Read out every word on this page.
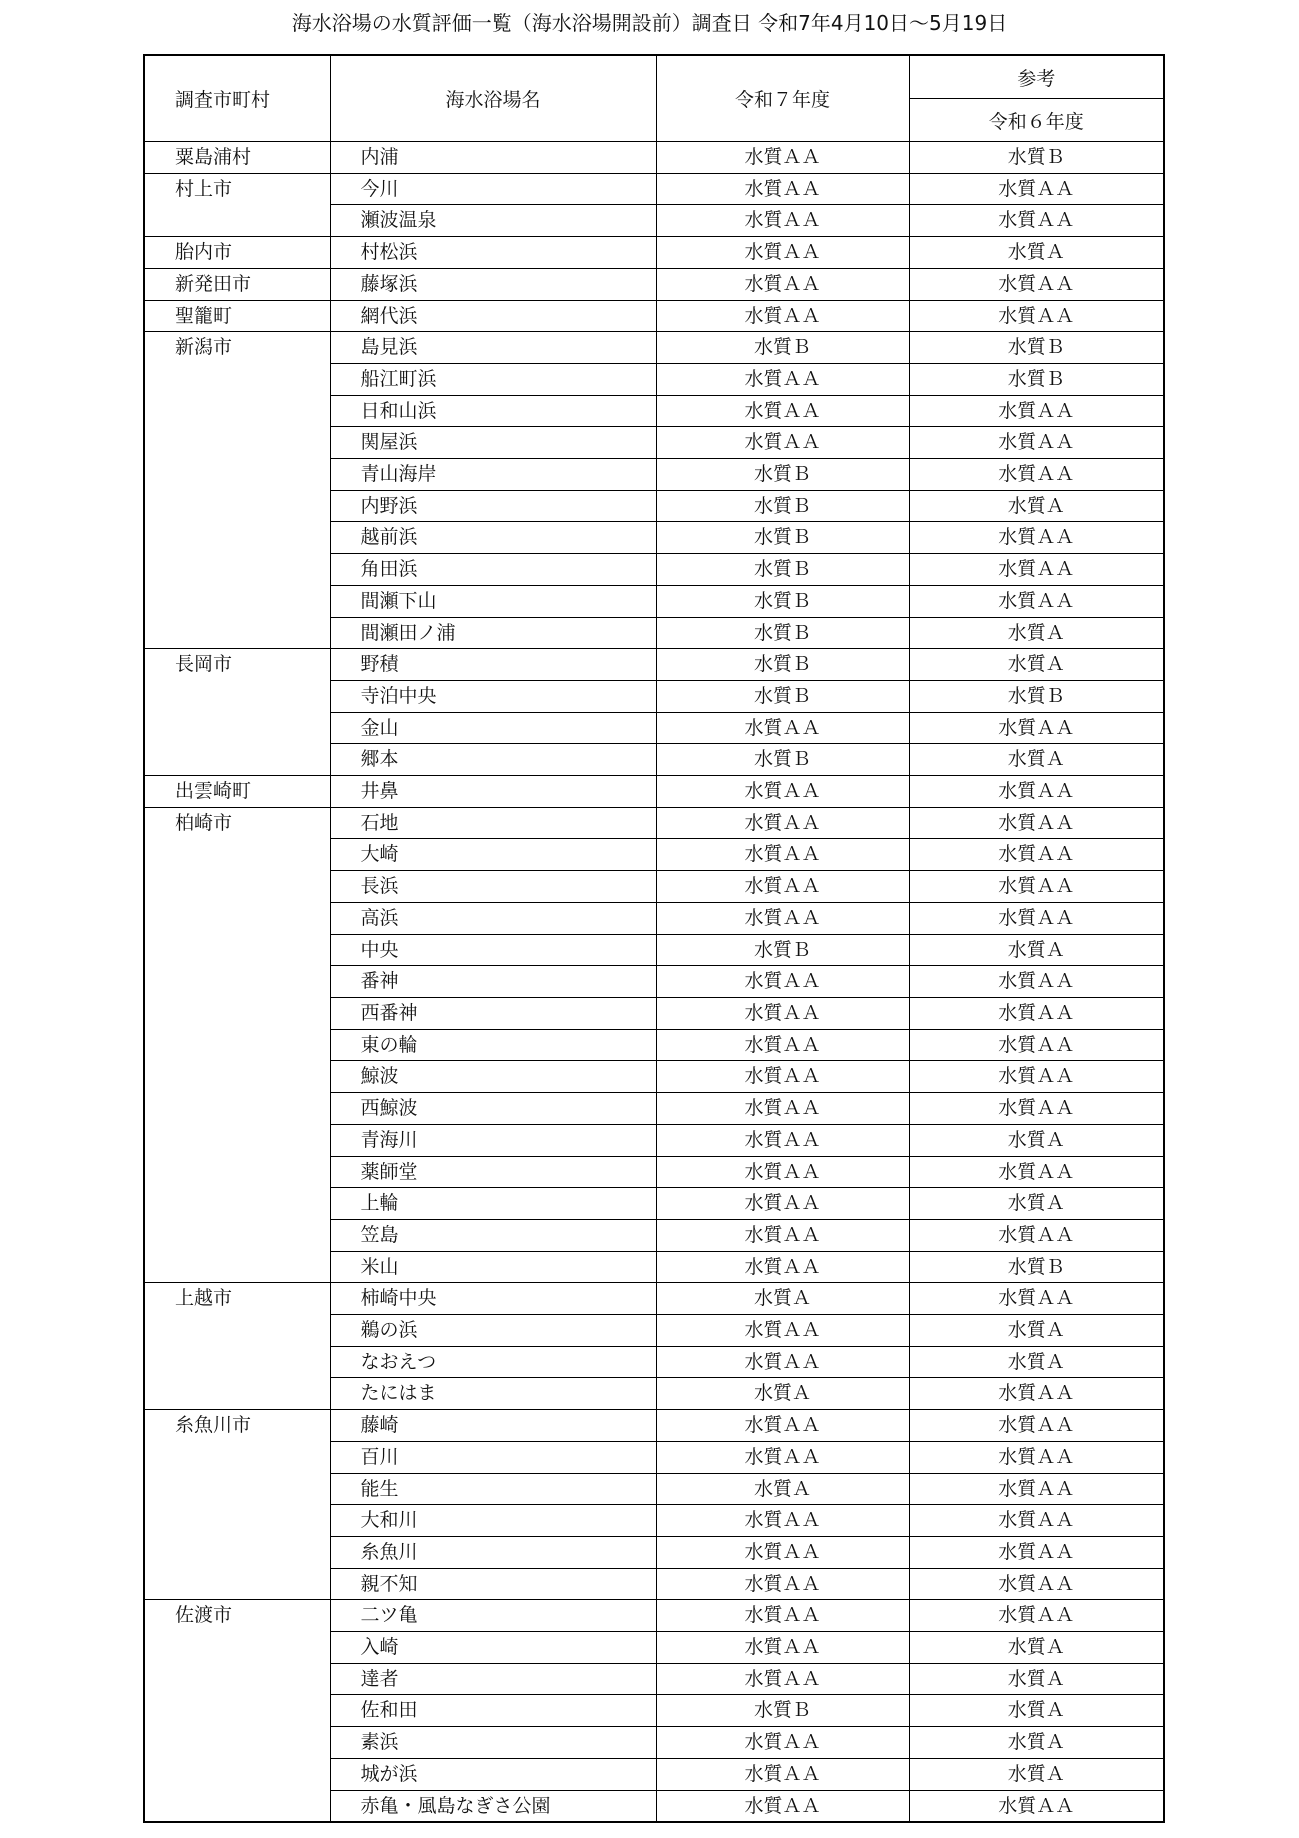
海水浴場の水質評価一覧（海水浴場開設前）調査日 令和7年4月10日～5月19日
調査市町村	海水浴場名	令和７年度	参考
			令和６年度
粟島浦村	内浦	水質ＡＡ	水質Ｂ
村上市	今川	水質ＡＡ	水質ＡＡ
	瀬波温泉	水質ＡＡ	水質ＡＡ
胎内市	村松浜	水質ＡＡ	水質Ａ
新発田市	藤塚浜	水質ＡＡ	水質ＡＡ
聖籠町	網代浜	水質ＡＡ	水質ＡＡ
新潟市	島見浜	水質Ｂ	水質Ｂ
	船江町浜	水質ＡＡ	水質Ｂ
	日和山浜	水質ＡＡ	水質ＡＡ
	関屋浜	水質ＡＡ	水質ＡＡ
	青山海岸	水質Ｂ	水質ＡＡ
	内野浜	水質Ｂ	水質Ａ
	越前浜	水質Ｂ	水質ＡＡ
	角田浜	水質Ｂ	水質ＡＡ
	間瀬下山	水質Ｂ	水質ＡＡ
	間瀬田ノ浦	水質Ｂ	水質Ａ
長岡市	野積	水質Ｂ	水質Ａ
	寺泊中央	水質Ｂ	水質Ｂ
	金山	水質ＡＡ	水質ＡＡ
	郷本	水質Ｂ	水質Ａ
出雲崎町	井鼻	水質ＡＡ	水質ＡＡ
柏崎市	石地	水質ＡＡ	水質ＡＡ
	大崎	水質ＡＡ	水質ＡＡ
	長浜	水質ＡＡ	水質ＡＡ
	高浜	水質ＡＡ	水質ＡＡ
	中央	水質Ｂ	水質Ａ
	番神	水質ＡＡ	水質ＡＡ
	西番神	水質ＡＡ	水質ＡＡ
	東の輪	水質ＡＡ	水質ＡＡ
	鯨波	水質ＡＡ	水質ＡＡ
	西鯨波	水質ＡＡ	水質ＡＡ
	青海川	水質ＡＡ	水質Ａ
	薬師堂	水質ＡＡ	水質ＡＡ
	上輪	水質ＡＡ	水質Ａ
	笠島	水質ＡＡ	水質ＡＡ
	米山	水質ＡＡ	水質Ｂ
上越市	柿崎中央	水質Ａ	水質ＡＡ
	鵜の浜	水質ＡＡ	水質Ａ
	なおえつ	水質ＡＡ	水質Ａ
	たにはま	水質Ａ	水質ＡＡ
糸魚川市	藤崎	水質ＡＡ	水質ＡＡ
	百川	水質ＡＡ	水質ＡＡ
	能生	水質Ａ	水質ＡＡ
	大和川	水質ＡＡ	水質ＡＡ
	糸魚川	水質ＡＡ	水質ＡＡ
	親不知	水質ＡＡ	水質ＡＡ
佐渡市	二ツ亀	水質ＡＡ	水質ＡＡ
	入崎	水質ＡＡ	水質Ａ
	達者	水質ＡＡ	水質Ａ
	佐和田	水質Ｂ	水質Ａ
	素浜	水質ＡＡ	水質Ａ
	城が浜	水質ＡＡ	水質Ａ
	赤亀・風島なぎさ公園	水質ＡＡ	水質ＡＡ
